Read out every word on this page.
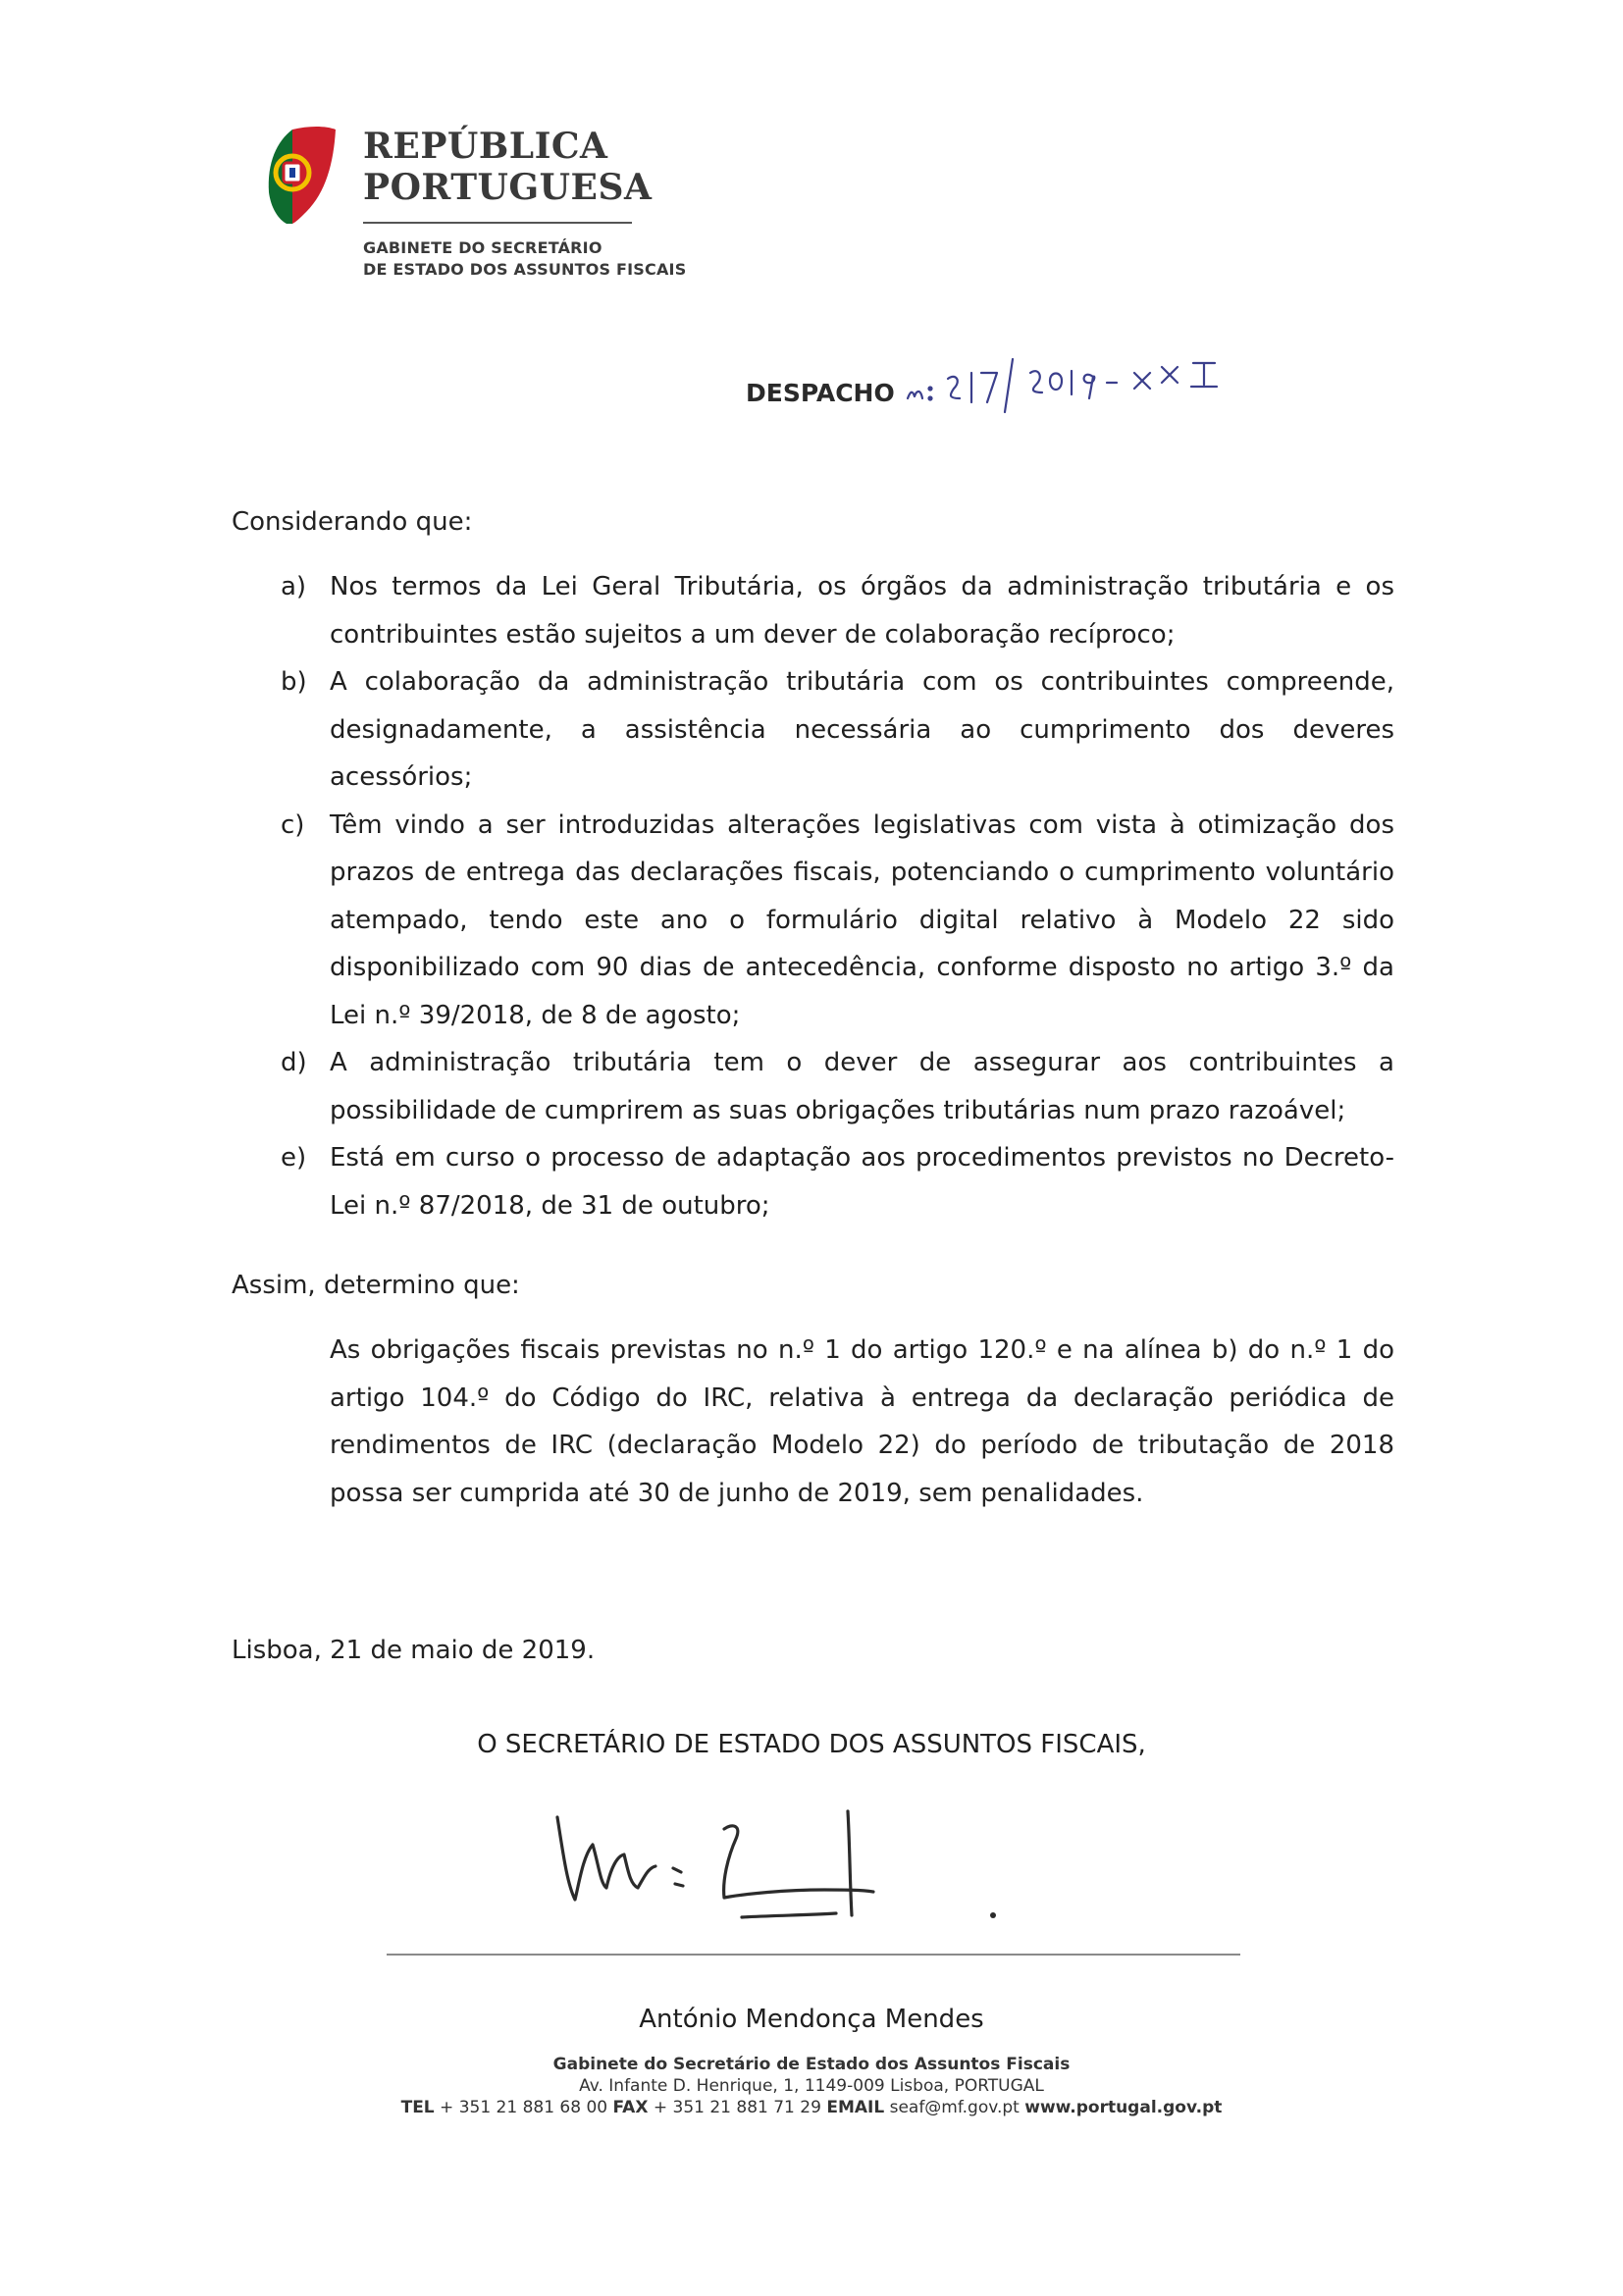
REPÚBLICA
PORTUGUESA
GABINETE DO SECRETÁRIO
DE ESTADO DOS ASSUNTOS FISCAIS
DESPACHO
Considerando que:
a) Nos termos da Lei Geral Tributária, os órgãos da administração tributária e os contribuintes estão sujeitos a um dever de colaboração recíproco;
b) A colaboração da administração tributária com os contribuintes compreende, designadamente, a assistência necessária ao cumprimento dos deveres acessórios;
c) Têm vindo a ser introduzidas alterações legislativas com vista à otimização dos prazos de entrega das declarações fiscais, potenciando o cumprimento voluntário atempado, tendo este ano o formulário digital relativo à Modelo 22 sido disponibilizado com 90 dias de antecedência, conforme disposto no artigo 3.º da Lei n.º 39/2018, de 8 de agosto;
d) A administração tributária tem o dever de assegurar aos contribuintes a possibilidade de cumprirem as suas obrigações tributárias num prazo razoável;
e) Está em curso o processo de adaptação aos procedimentos previstos no Decreto-Lei n.º 87/2018, de 31 de outubro;
Assim, determino que:
As obrigações fiscais previstas no n.º 1 do artigo 120.º e na alínea b) do n.º 1 do artigo 104.º do Código do IRC, relativa à entrega da declaração periódica de rendimentos de IRC (declaração Modelo 22) do período de tributação de 2018 possa ser cumprida até 30 de junho de 2019, sem penalidades.
Lisboa, 21 de maio de 2019.
O SECRETÁRIO DE ESTADO DOS ASSUNTOS FISCAIS,
António Mendonça Mendes
Gabinete do Secretário de Estado dos Assuntos Fiscais
Av. Infante D. Henrique, 1, 1149-009 Lisboa, PORTUGAL
TEL + 351 21 881 68 00 FAX + 351 21 881 71 29 EMAIL seaf@mf.gov.pt www.portugal.gov.pt
